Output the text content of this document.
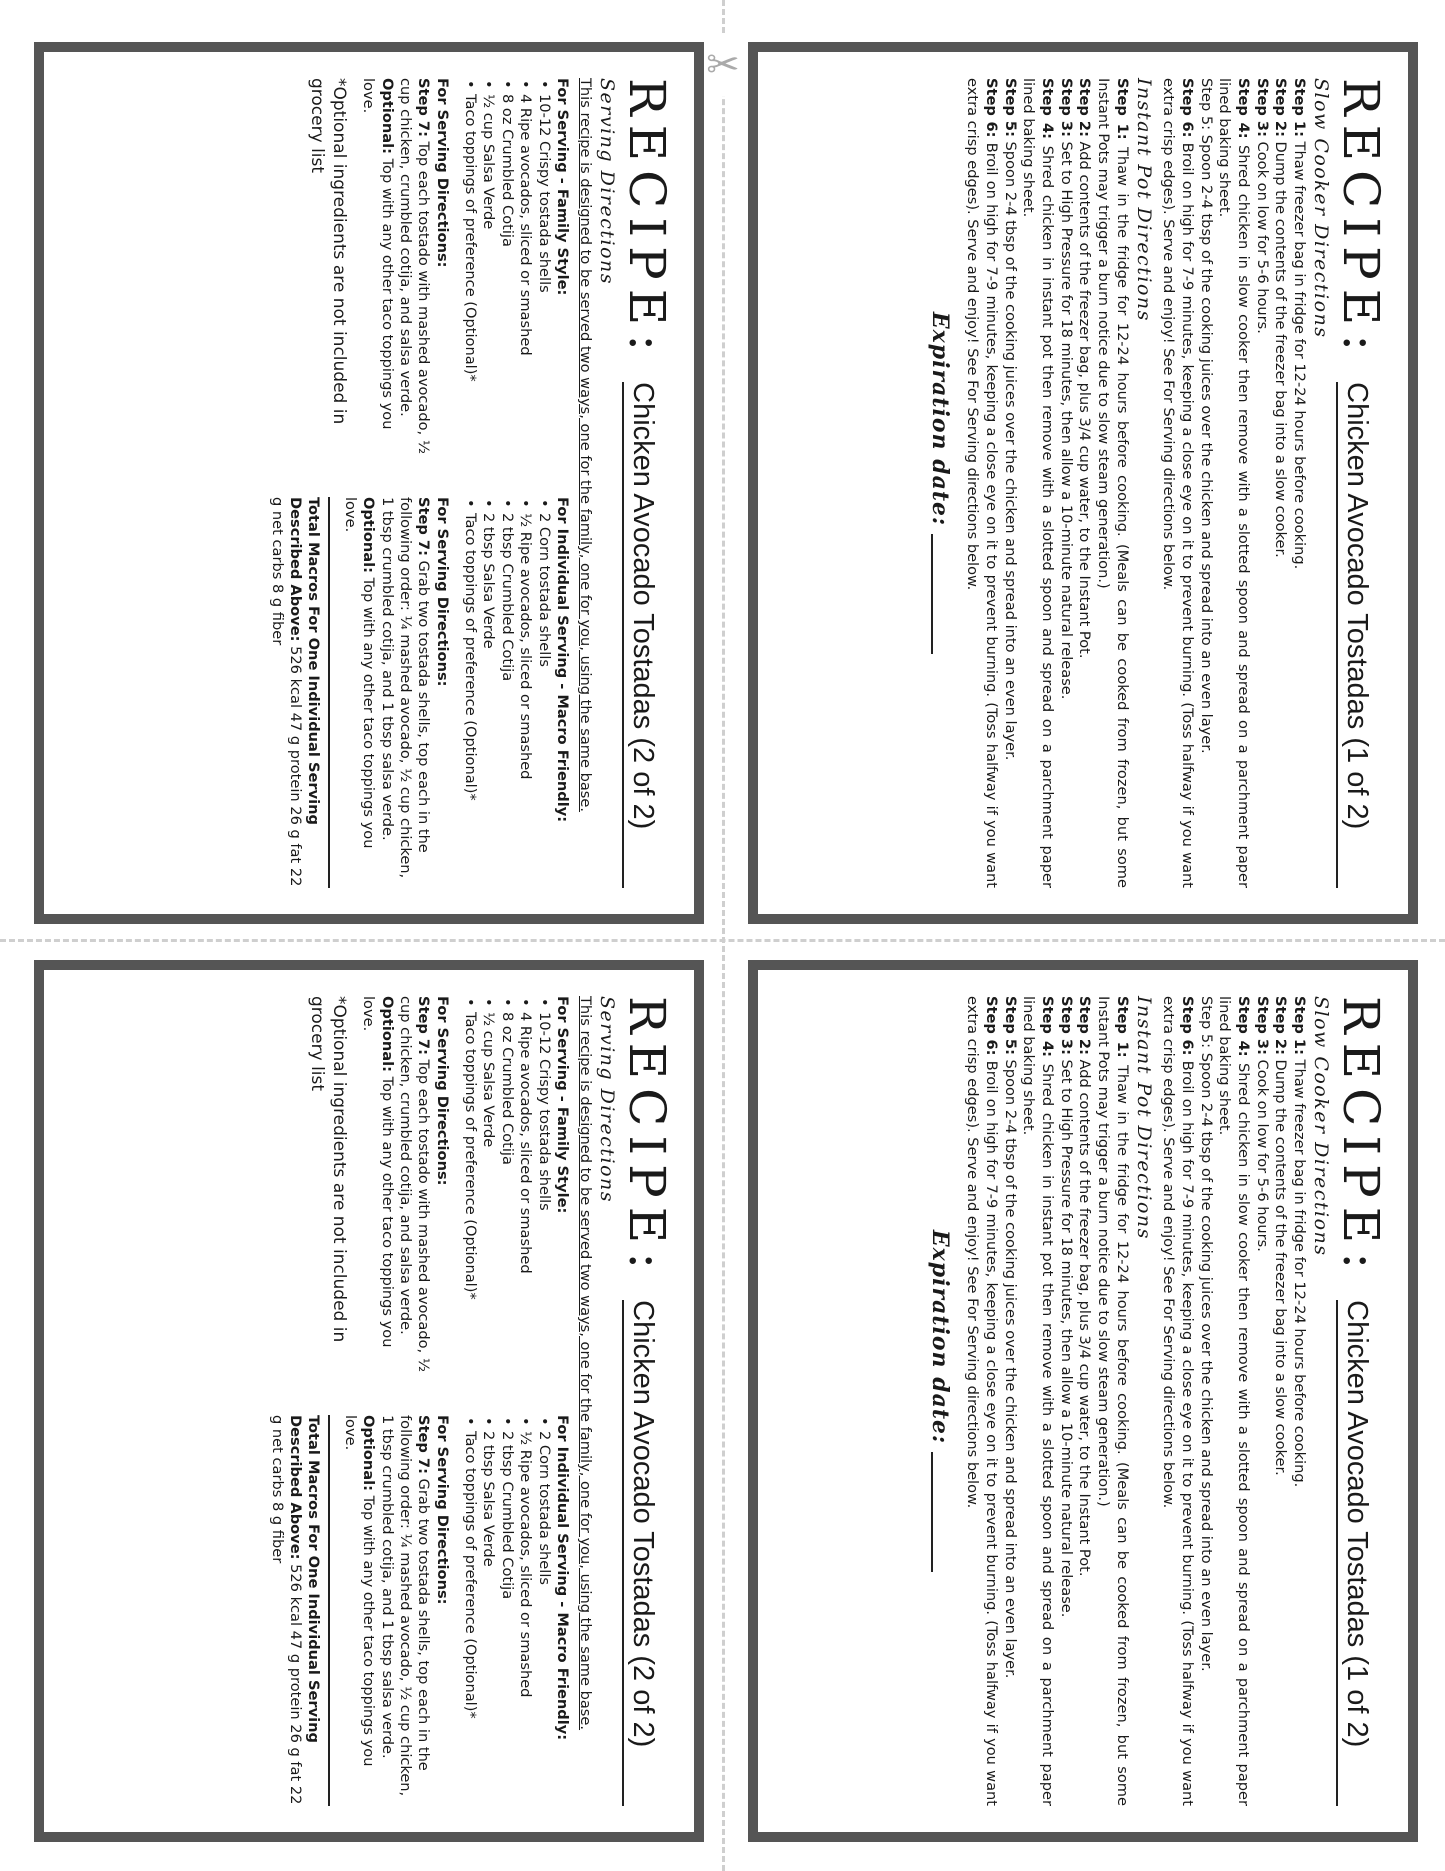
✂
RECIPE:
Chicken Avocado Tostadas (1 of 2)
Slow Cooker Directions
Step 1: Thaw freezer bag in fridge for 12-24 hours before cooking.
Step 2: Dump the contents of the freezer bag into a slow cooker.
Step 3: Cook on low for 5-6 hours.
Step 4: Shred chicken in slow cooker then remove with a slotted spoon and spread on a parchment paper lined baking sheet.
Step 5: Spoon 2-4 tbsp of the cooking juices over the chicken and spread into an even layer.
Step 6: Broil on high for 7-9 minutes, keeping a close eye on it to prevent burning. (Toss halfway if you want extra crisp edges). Serve and enjoy! See For Serving directions below.
Instant Pot Directions
Step 1: Thaw in the fridge for 12-24 hours before cooking. (Meals can be cooked from frozen, but some Instant Pots may trigger a burn notice due to slow steam generation.)
Step 2: Add contents of the freezer bag, plus 3/4 cup water, to the Instant Pot.
Step 3: Set to High Pressure for 18 minutes, then allow a 10-minute natural release.
Step 4: Shred chicken in instant pot then remove with a slotted spoon and spread on a parchment paper lined baking sheet.
Step 5: Spoon 2-4 tbsp of the cooking juices over the chicken and spread into an even layer.
Step 6: Broil on high for 7-9 minutes, keeping a close eye on it to prevent burning. (Toss halfway if you want extra crisp edges). Serve and enjoy! See For Serving directions below.
Expiration date:
RECIPE:
Chicken Avocado Tostadas (1 of 2)
Slow Cooker Directions
Step 1: Thaw freezer bag in fridge for 12-24 hours before cooking.
Step 2: Dump the contents of the freezer bag into a slow cooker.
Step 3: Cook on low for 5-6 hours.
Step 4: Shred chicken in slow cooker then remove with a slotted spoon and spread on a parchment paper lined baking sheet.
Step 5: Spoon 2-4 tbsp of the cooking juices over the chicken and spread into an even layer.
Step 6: Broil on high for 7-9 minutes, keeping a close eye on it to prevent burning. (Toss halfway if you want extra crisp edges). Serve and enjoy! See For Serving directions below.
Instant Pot Directions
Step 1: Thaw in the fridge for 12-24 hours before cooking. (Meals can be cooked from frozen, but some Instant Pots may trigger a burn notice due to slow steam generation.)
Step 2: Add contents of the freezer bag, plus 3/4 cup water, to the Instant Pot.
Step 3: Set to High Pressure for 18 minutes, then allow a 10-minute natural release.
Step 4: Shred chicken in instant pot then remove with a slotted spoon and spread on a parchment paper lined baking sheet.
Step 5: Spoon 2-4 tbsp of the cooking juices over the chicken and spread into an even layer.
Step 6: Broil on high for 7-9 minutes, keeping a close eye on it to prevent burning. (Toss halfway if you want extra crisp edges). Serve and enjoy! See For Serving directions below.
Expiration date:
RECIPE:
Chicken Avocado Tostadas (2 of 2)
Serving Directions
This recipe is designed to be served two ways, one for the family, one for you, using the same base.
For Serving - Family Style:
• 10-12 Crispy tostada shells
• 4 Ripe avocados, sliced or smashed
• 8 oz Crumbled Cotija
• ½ cup Salsa Verde
• Taco toppings of preference (Optional)*
For Serving Directions:
Step 7: Top each tostado with mashed avocado, ½ cup chicken, crumbled cotija, and salsa verde.
Optional: Top with any other taco toppings you love.
*Optional ingredients are not included in grocery list
For Individual Serving - Macro Friendly:
• 2 Corn tostada shells
• ½ Ripe avocados, sliced or smashed
• 2 tbsp Crumbled Cotija
• 2 tbsp Salsa Verde
• Taco toppings of preference (Optional)*
For Serving Directions:
Step 7: Grab two tostada shells, top each in the following order: ¼ mashed avocado, ½ cup chicken, 1 tbsp crumbled cotija, and 1 tbsp salsa verde.
Optional: Top with any other taco toppings you love.
Total Macros For One Individual Serving Described Above: 526 kcal 47 g protein 26 g fat 22 g net carbs 8 g fiber
RECIPE:
Chicken Avocado Tostadas (2 of 2)
Serving Directions
This recipe is designed to be served two ways, one for the family, one for you, using the same base.
For Serving - Family Style:
• 10-12 Crispy tostada shells
• 4 Ripe avocados, sliced or smashed
• 8 oz Crumbled Cotija
• ½ cup Salsa Verde
• Taco toppings of preference (Optional)*
For Serving Directions:
Step 7: Top each tostado with mashed avocado, ½ cup chicken, crumbled cotija, and salsa verde.
Optional: Top with any other taco toppings you love.
*Optional ingredients are not included in grocery list
For Individual Serving - Macro Friendly:
• 2 Corn tostada shells
• ½ Ripe avocados, sliced or smashed
• 2 tbsp Crumbled Cotija
• 2 tbsp Salsa Verde
• Taco toppings of preference (Optional)*
For Serving Directions:
Step 7: Grab two tostada shells, top each in the following order: ¼ mashed avocado, ½ cup chicken, 1 tbsp crumbled cotija, and 1 tbsp salsa verde.
Optional: Top with any other taco toppings you love.
Total Macros For One Individual Serving Described Above: 526 kcal 47 g protein 26 g fat 22 g net carbs 8 g fiber
